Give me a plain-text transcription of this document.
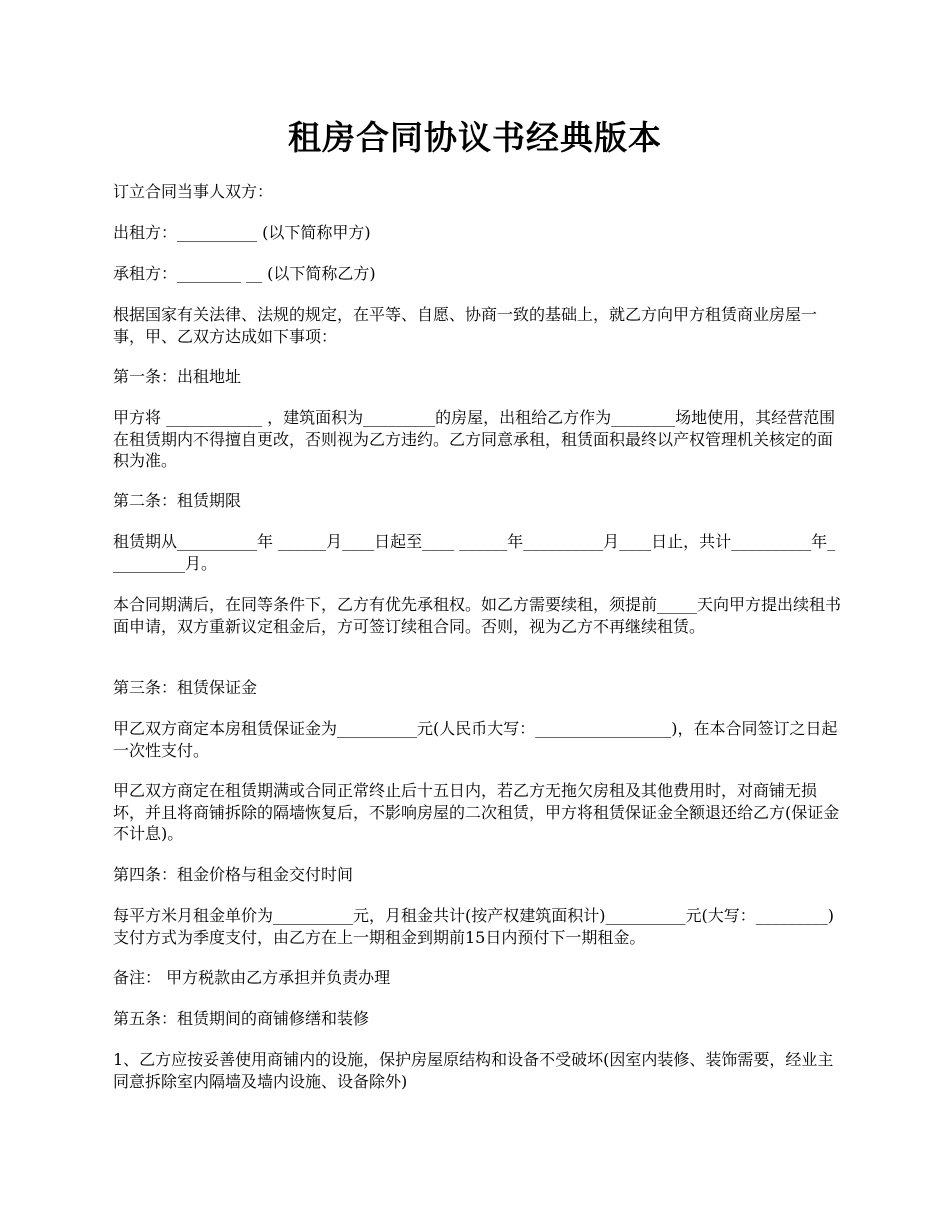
租房合同协议书经典版本

订立合同当事人双方：

出租方：__________ (以下简称甲方)

承租方：________ __ (以下简称乙方)

根据国家有关法律、法规的规定，在平等、自愿、协商一致的基础上，就乙方向甲方租赁商业房屋一事，甲、乙双方达成如下事项：

第一条：出租地址

甲方将 ____________ ，建筑面积为_________的房屋，出租给乙方作为________场地使用，其经营范围在租赁期内不得擅自更改，否则视为乙方违约。乙方同意承租，租赁面积最终以产权管理机关核定的面积为准。

第二条：租赁期限

租赁期从__________年 ______月____日起至____ ______年__________月____日止，共计__________年__________月。

本合同期满后，在同等条件下，乙方有优先承租权。如乙方需要续租，须提前_____天向甲方提出续租书面申请，双方重新议定租金后，方可签订续租合同。否则，视为乙方不再继续租赁。

第三条：租赁保证金

甲乙双方商定本房租赁保证金为__________元(人民币大写：_________________)，在本合同签订之日起一次性支付。

甲乙双方商定在租赁期满或合同正常终止后十五日内，若乙方无拖欠房租及其他费用时，对商铺无损坏，并且将商铺拆除的隔墙恢复后，不影响房屋的二次租赁，甲方将租赁保证金全额退还给乙方(保证金不计息)。

第四条：租金价格与租金交付时间

每平方米月租金单价为__________元，月租金共计(按产权建筑面积计)__________元(大写：_________)支付方式为季度支付，由乙方在上一期租金到期前15日内预付下一期租金。

备注： 甲方税款由乙方承担并负责办理

第五条：租赁期间的商铺修缮和装修

1、乙方应按妥善使用商铺内的设施，保护房屋原结构和设备不受破坏(因室内装修、装饰需要，经业主同意拆除室内隔墙及墙内设施、设备除外)
